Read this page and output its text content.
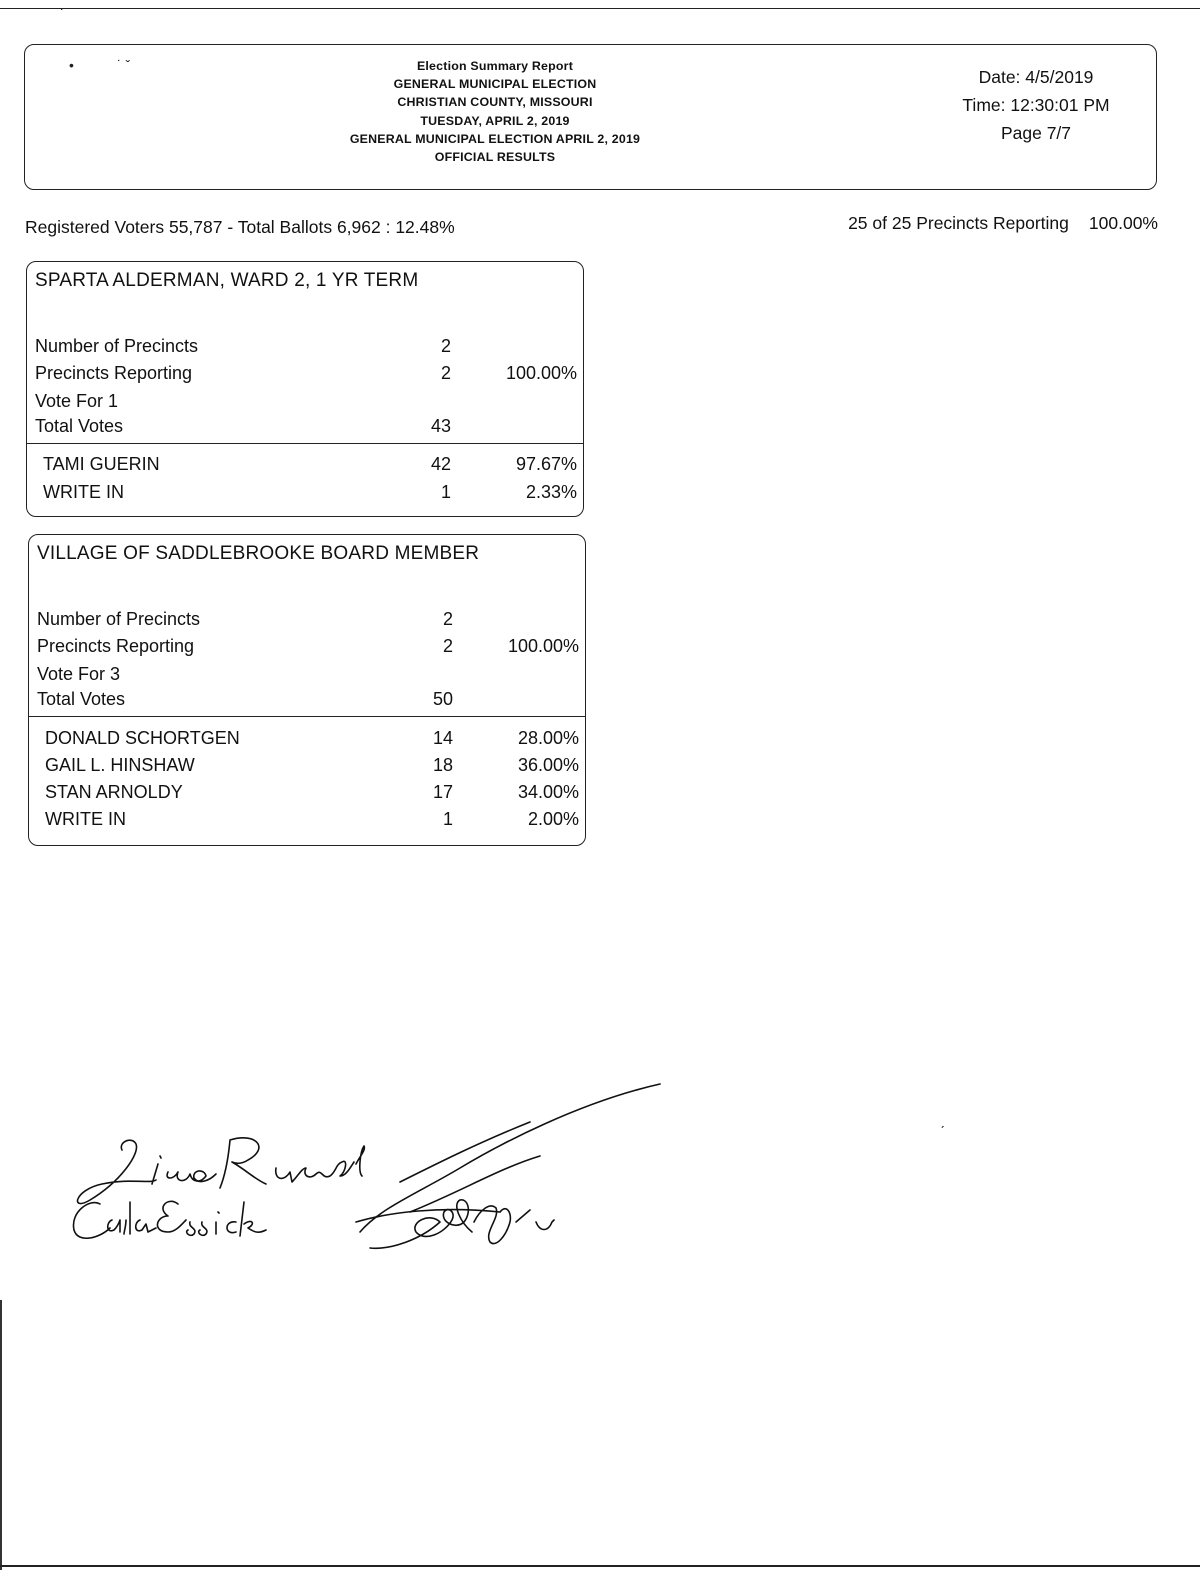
˙
ˏ
•	˙ ˇ	Election Summary Report
GENERAL MUNICIPAL ELECTION
CHRISTIAN COUNTY, MISSOURI
TUESDAY, APRIL 2, 2019
GENERAL MUNICIPAL ELECTION APRIL 2, 2019
OFFICIAL RESULTS
Date: 4/5/2019
Time: 12:30:01 PM
Page 7/7
Registered Voters 55,787 - Total Ballots 6,962 : 12.48%	25 of 25 Precincts Reporting 100.00%
SPARTA ALDERMAN, WARD 2, 1 YR TERM
Number of Precincts	2
Precincts Reporting	2	100.00%
Vote For 1
Total Votes	43
TAMI GUERIN	42	97.67%
WRITE IN	1	2.33%
VILLAGE OF SADDLEBROOKE BOARD MEMBER
Number of Precincts	2
Precincts Reporting	2	100.00%
Vote For 3
Total Votes	50
DONALD SCHORTGEN	14	28.00%
GAIL L. HINSHAW	18	36.00%
STAN ARNOLDY	17	34.00%
WRITE IN	1	2.00%
